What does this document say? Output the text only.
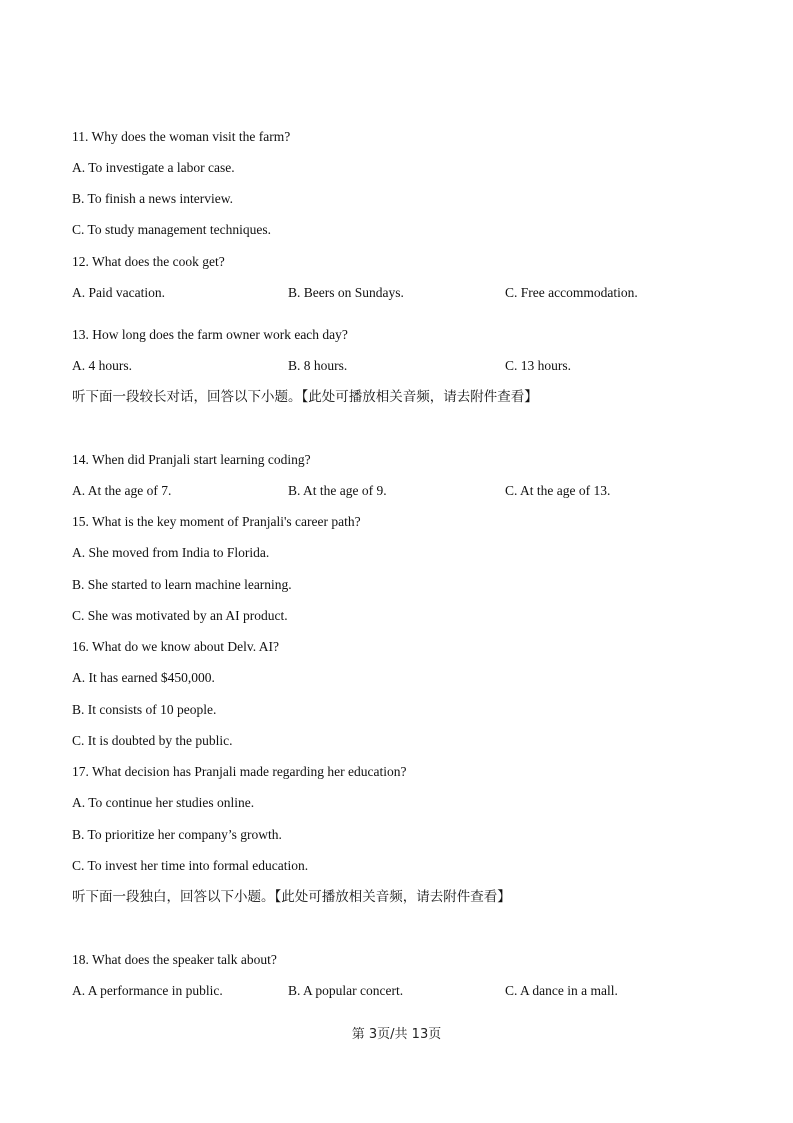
11. Why does the woman visit the farm?
A. To investigate a labor case.
B. To finish a news interview.
C. To study management techniques.
12. What does the cook get?
A. Paid vacation.	B. Beers on Sundays.	C. Free accommodation.
13. How long does the farm owner work each day?
A. 4 hours.	B. 8 hours.	C. 13 hours.
听下面一段较长对话，回答以下小题。【此处可播放相关音频，请去附件查看】
14. When did Pranjali start learning coding?
A. At the age of 7.	B. At the age of 9.	C. At the age of 13.
15. What is the key moment of Pranjali's career path?
A. She moved from India to Florida.
B. She started to learn machine learning.
C. She was motivated by an AI product.
16. What do we know about Delv. AI?
A. It has earned $450,000.
B. It consists of 10 people.
C. It is doubted by the public.
17. What decision has Pranjali made regarding her education?
A. To continue her studies online.
B. To prioritize her company’s growth.
C. To invest her time into formal education.
听下面一段独白，回答以下小题。【此处可播放相关音频，请去附件查看】
18. What does the speaker talk about?
A. A performance in public.	B. A popular concert.	C. A dance in a mall.
第 3页/共 13页
